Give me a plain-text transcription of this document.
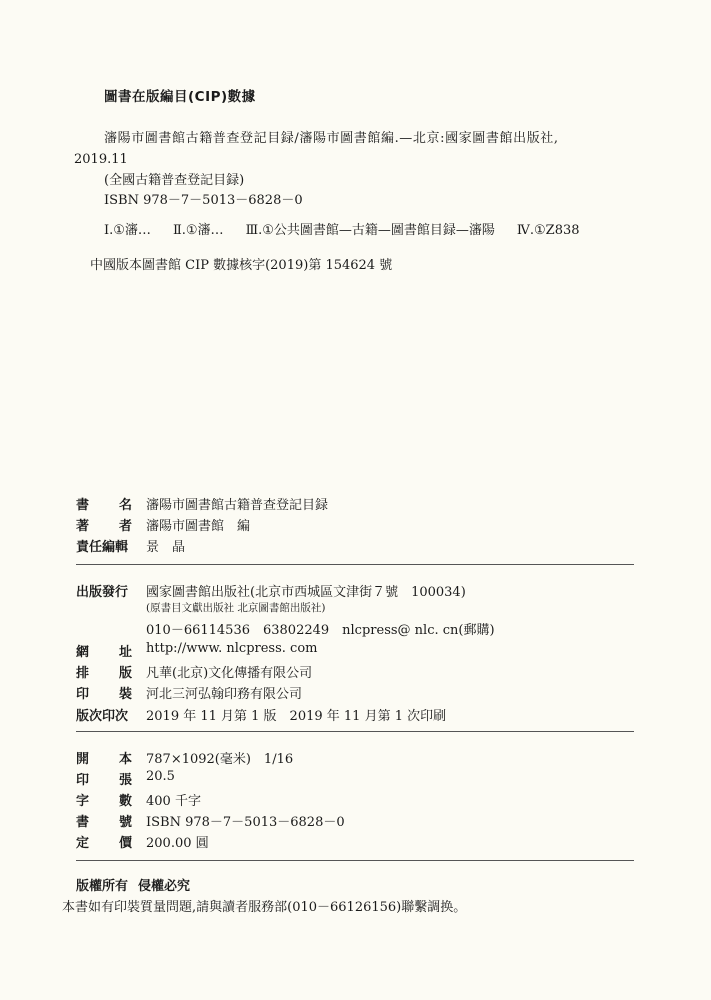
圖書在版編目(CIP)數據
瀋陽市圖書館古籍普查登記目録/瀋陽市圖書館編.—北京:國家圖書館出版社,
2019.11
(全國古籍普查登記目録)
ISBN 978－7－5013－6828－0
Ⅰ.①瀋… Ⅱ.①瀋… Ⅲ.①公共圖書館—古籍—圖書館目録—瀋陽 Ⅳ.①Z838
中國版本圖書館 CIP 數據核字(2019)第 154624 號
書 名 瀋陽市圖書館古籍普查登記目録
著 者 瀋陽市圖書館　編
責任編輯	景　晶
出版發行	國家圖書館出版社(北京市西城區文津街７號　100034)
(原書目文獻出版社 北京圖書館出版社)
010－66114536　63802249　nlcpress@ nlc. cn(郵購)
網 址 http://www. nlcpress. com
排 版 凡華(北京)文化傳播有限公司
印 裝 河北三河弘翰印務有限公司
版次印次	2019 年 11 月第 1 版　2019 年 11 月第 1 次印刷
開 本 787×1092(毫米)　1/16
印 張 20.5
字 數 400 千字
書 號 ISBN 978－7－5013－6828－0
定 價 200.00 圓
版權所有 侵權必究
本書如有印裝質量問題,請與讀者服務部(010－66126156)聯繫調换。
